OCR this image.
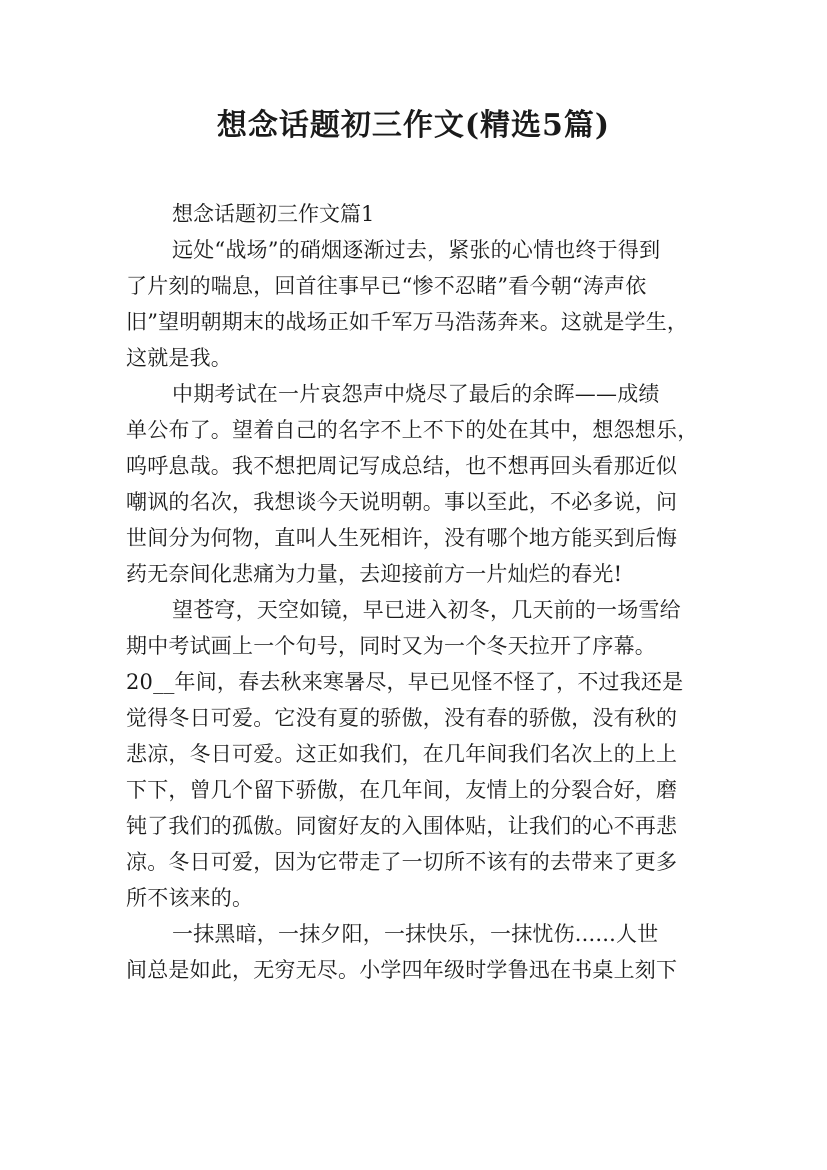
想念话题初三作文(精选5篇)
想念话题初三作文篇1
远处“战场”的硝烟逐渐过去，紧张的心情也终于得到
了片刻的喘息，回首往事早已“惨不忍睹”看今朝“涛声依
旧”望明朝期末的战场正如千军万马浩荡奔来。这就是学生，
这就是我。
中期考试在一片哀怨声中烧尽了最后的余晖——成绩
单公布了。望着自己的名字不上不下的处在其中，想怨想乐，
呜呼息哉。我不想把周记写成总结，也不想再回头看那近似
嘲讽的名次，我想谈今天说明朝。事以至此，不必多说，问
世间分为何物，直叫人生死相许，没有哪个地方能买到后悔
药无奈间化悲痛为力量，去迎接前方一片灿烂的春光!
望苍穹，天空如镜，早已进入初冬，几天前的一场雪给
期中考试画上一个句号，同时又为一个冬天拉开了序幕。
20__年间，春去秋来寒暑尽，早已见怪不怪了，不过我还是
觉得冬日可爱。它没有夏的骄傲，没有春的骄傲，没有秋的
悲凉，冬日可爱。这正如我们，在几年间我们名次上的上上
下下，曾几个留下骄傲，在几年间，友情上的分裂合好，磨
钝了我们的孤傲。同窗好友的入围体贴，让我们的心不再悲
凉。冬日可爱，因为它带走了一切所不该有的去带来了更多
所不该来的。
一抹黑暗，一抹夕阳，一抹快乐，一抹忧伤......人世
间总是如此，无穷无尽。小学四年级时学鲁迅在书桌上刻下
